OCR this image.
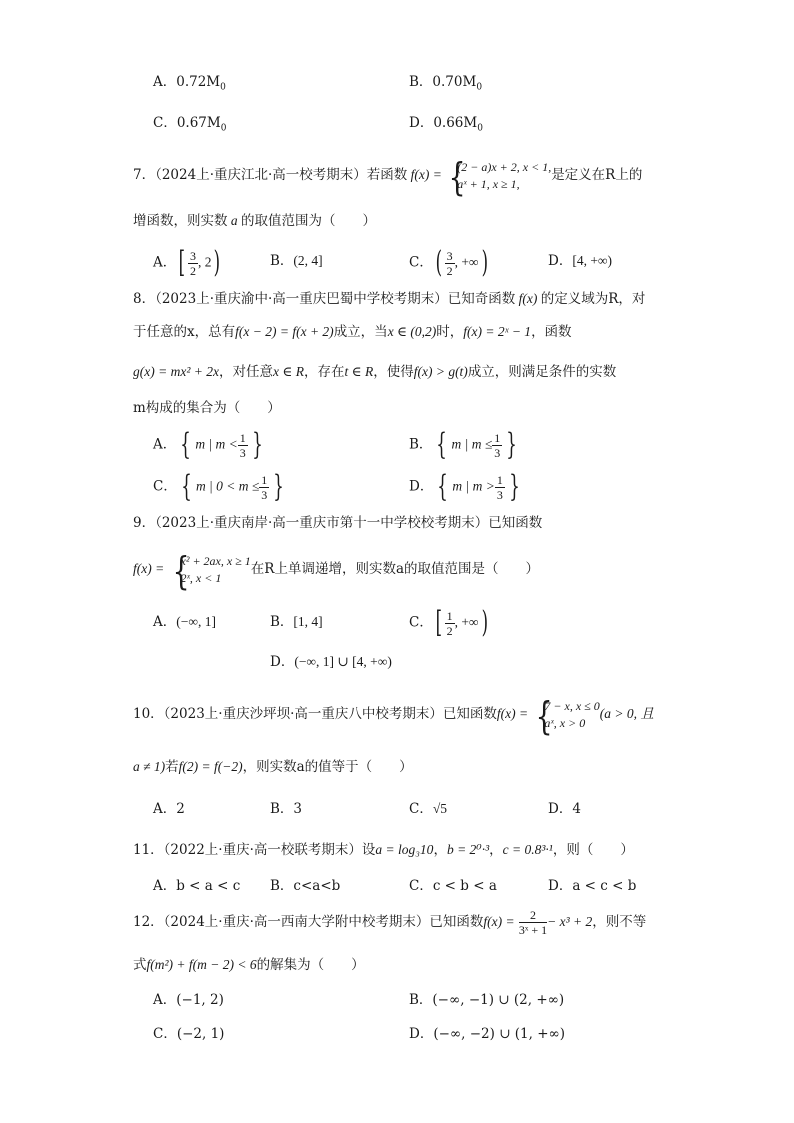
A．$0.72M_0$	B．$0.70M_0$
C．$0.67M_0$	D．$0.66M_0$
7．（2024上·重庆江北·高一校考期末）若函数 f(x) = {
(2 − a)x + 2, x < 1,
aˣ + 1, x ≥ 1,
是定义在R上的
增函数，则实数 a 的取值范围为（　　）
A．[ $\frac{3}{2}$ , 2)	B．(2, 4]	C．( $\frac{3}{2}$ , +∞)	D．[4, +∞)
8．（2023上·重庆渝中·高一重庆巴蜀中学校考期末）已知奇函数 f(x) 的定义域为R，对
于任意的x，总有f(x − 2) = f(x + 2)成立，当x ∈ (0,2)时，f(x) = 2ˣ − 1，函数
g(x) = mx² + 2x，对任意x ∈ R，存在t ∈ R，使得f(x) > g(t)成立，则满足条件的实数
m构成的集合为（　　）
A． { m | $m < \frac{1}{3}$ }	B． { m | $m \le \frac{1}{3}$ }
C． { m | $0 < m \le \frac{1}{3}$ }	D． { m | $m > \frac{1}{3}$ }
9．（2023上·重庆南岸·高一重庆市第十一中学校校考期末）已知函数
f(x) = {
x² + 2ax, x ≥ 1
2ˣ, x < 1
在R上单调递增，则实数a的取值范围是（　　）
A．(−∞, 1]	B．[1, 4]	C．[ $\frac{1}{2}$ , +∞)
D．(−∞, 1] ∪ [4, +∞)
10．（2023上·重庆沙坪坝·高一重庆八中校考期末）已知函数f(x) = {
7 − x, x ≤ 0
aˣ, x > 0
(a > 0, 且
a ≠ 1)若f(2) = f(−2)，则实数a的值等于（　　）
A．2	B．3	C．√5	D．4
11．（2022上·重庆·高一校联考期末）设a = log₃10，b = 2⁰·³，c = 0.8³·¹，则（　　）
A．b < a < c B．c<a<b	C．c < b < a	D．a < c < b
12．（2024上·重庆·高一西南大学附中校考期末）已知函数$f(x) = \frac{2}{\text{3ˣ + 1}} - x^3 + 2$，则不等
式f(m²) + f(m − 2) < 6的解集为（　　）
A．(−1, 2)	B．(−∞, −1) ∪ (2, +∞)
C．(−2, 1)	D．(−∞, −2) ∪ (1, +∞)
